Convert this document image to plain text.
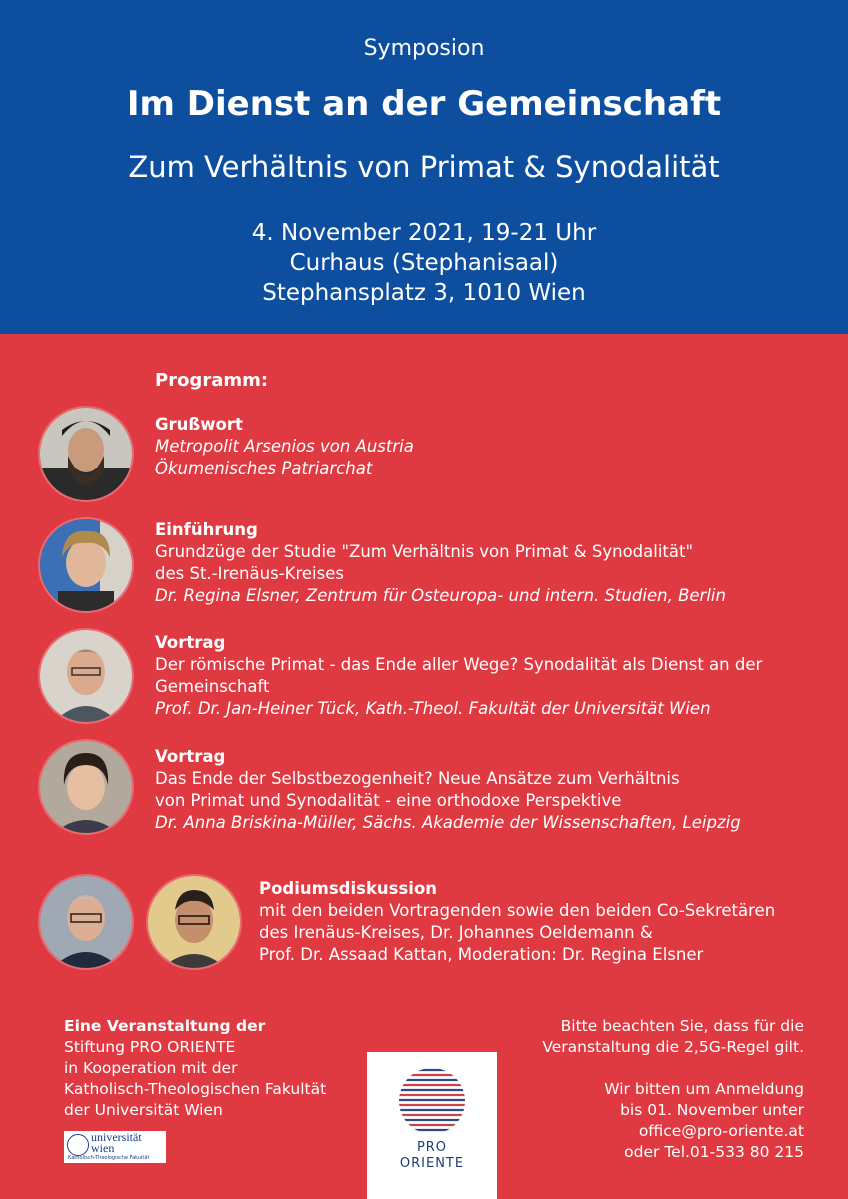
Symposion
Im Dienst an der Gemeinschaft
Zum Verhältnis von Primat & Synodalität
4. November 2021, 19-21 Uhr
Curhaus (Stephanisaal)
Stephansplatz 3, 1010 Wien
Programm:
Grußwort
Metropolit Arsenios von Austria
Ökumenisches Patriarchat
Einführung
Grundzüge der Studie "Zum Verhältnis von Primat & Synodalität"
des St.-Irenäus-Kreises
Dr. Regina Elsner, Zentrum für Osteuropa- und intern. Studien, Berlin
Vortrag
Der römische Primat - das Ende aller Wege? Synodalität als Dienst an der
Gemeinschaft
Prof. Dr. Jan-Heiner Tück, Kath.-Theol. Fakultät der Universität Wien
Vortrag
Das Ende der Selbstbezogenheit? Neue Ansätze zum Verhältnis
von Primat und Synodalität - eine orthodoxe Perspektive
Dr. Anna Briskina-Müller, Sächs. Akademie der Wissenschaften, Leipzig
Podiumsdiskussion
mit den beiden Vortragenden sowie den beiden Co-Sekretären
des Irenäus-Kreises, Dr. Johannes Oeldemann &
Prof. Dr. Assaad Kattan, Moderation: Dr. Regina Elsner
Eine Veranstaltung der
Stiftung PRO ORIENTE
in Kooperation mit der
Katholisch-Theologischen Fakultät
der Universität Wien
universität
wien
Katholisch-Theologische Fakultät
PRO
ORIENTE

Bitte beachten Sie, dass für die
Veranstaltung die 2,5G-Regel gilt.

Wir bitten um Anmeldung
bis 01. November unter
office@pro-oriente.at
oder Tel.01-533 80 215
